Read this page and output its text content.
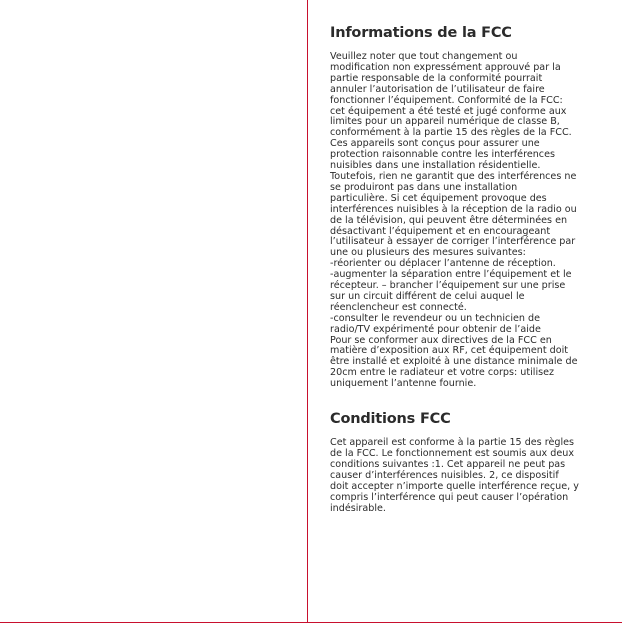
Informations de la FCC

Veuillez noter que tout changement ou
modification non expressément approuvé par la
partie responsable de la conformité pourrait
annuler l’autorisation de l’utilisateur de faire
fonctionner l’équipement. Conformité de la FCC:
cet équipement a été testé et jugé conforme aux
limites pour un appareil numérique de classe B,
conformément à la partie 15 des règles de la FCC.
Ces appareils sont conçus pour assurer une
protection raisonnable contre les interférences
nuisibles dans une installation résidentielle.
Toutefois, rien ne garantit que des interférences ne
se produiront pas dans une installation
particulière. Si cet équipement provoque des
interférences nuisibles à la réception de la radio ou
de la télévision, qui peuvent être déterminées en
désactivant l’équipement et en encourageant
l’utilisateur à essayer de corriger l’interférence par
une ou plusieurs des mesures suivantes:
-réorienter ou déplacer l’antenne de réception.
-augmenter la séparation entre l’équipement et le
récepteur. – brancher l’équipement sur une prise
sur un circuit différent de celui auquel le
réenclencheur est connecté.
-consulter le revendeur ou un technicien de
radio/TV expérimenté pour obtenir de l’aide
Pour se conformer aux directives de la FCC en
matière d’exposition aux RF, cet équipement doit
être installé et exploité à une distance minimale de
20cm entre le radiateur et votre corps: utilisez
uniquement l’antenne fournie.

Conditions FCC

Cet appareil est conforme à la partie 15 des règles
de la FCC. Le fonctionnement est soumis aux deux
conditions suivantes :1. Cet appareil ne peut pas
causer d’interférences nuisibles. 2, ce dispositif
doit accepter n’importe quelle interférence reçue, y
compris l’interférence qui peut causer l’opération
indésirable.
